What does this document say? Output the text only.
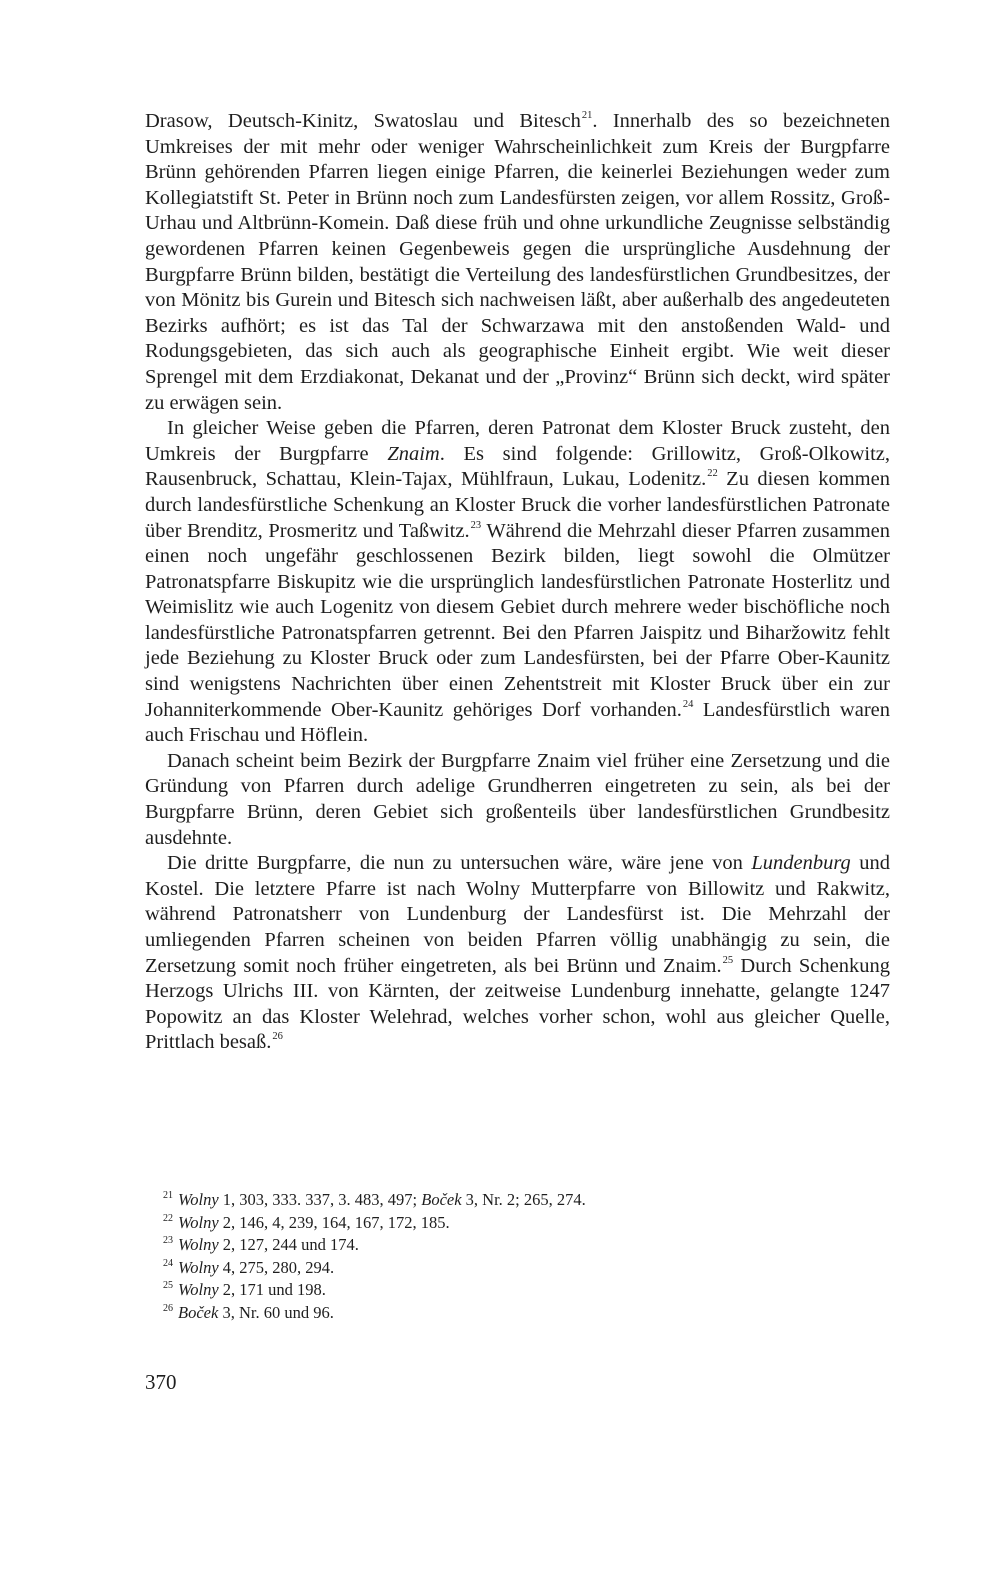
Drasow, Deutsch-Kinitz, Swatoslau und Bitesch$^{21}$. Innerhalb des so bezeichneten Umkreises der mit mehr oder weniger Wahrscheinlichkeit zum Kreis der Burgpfarre Brünn gehörenden Pfarren liegen einige Pfarren, die keinerlei Beziehungen weder zum Kollegiatstift St. Peter in Brünn noch zum Landesfürsten zeigen, vor allem Rossitz, Groß-Urhau und Altbrünn-Komein. Daß diese früh und ohne urkundliche Zeugnisse selbständig gewordenen Pfarren keinen Gegenbeweis gegen die ursprüngliche Ausdehnung der Burgpfarre Brünn bilden, bestätigt die Verteilung des landesfürstlichen Grundbesitzes, der von Mönitz bis Gurein und Bitesch sich nachweisen läßt, aber außerhalb des angedeuteten Bezirks aufhört; es ist das Tal der Schwarzawa mit den anstoßenden Wald- und Rodungsgebieten, das sich auch als geographische Einheit ergibt. Wie weit dieser Sprengel mit dem Erzdiakonat, Dekanat und der „Provinz“ Brünn sich deckt, wird später zu erwägen sein.

In gleicher Weise geben die Pfarren, deren Patronat dem Kloster Bruck zusteht, den Umkreis der Burgpfarre Znaim. Es sind folgende: Grillowitz, Groß-Olkowitz, Rausenbruck, Schattau, Klein-Tajax, Mühlfraun, Lukau, Lodenitz.$^{22}$ Zu diesen kommen durch landesfürstliche Schenkung an Kloster Bruck die vorher landesfürstlichen Patronate über Brenditz, Prosmeritz und Taßwitz.$^{23}$ Während die Mehrzahl dieser Pfarren zusammen einen noch ungefähr geschlossenen Bezirk bilden, liegt sowohl die Olmützer Patronatspfarre Biskupitz wie die ursprünglich landesfürstlichen Patronate Hosterlitz und Weimislitz wie auch Logenitz von diesem Gebiet durch mehrere weder bischöfliche noch landesfürstliche Patronatspfarren getrennt. Bei den Pfarren Jaispitz und Biharžowitz fehlt jede Beziehung zu Kloster Bruck oder zum Landesfürsten, bei der Pfarre Ober-Kaunitz sind wenigstens Nachrichten über einen Zehentstreit mit Kloster Bruck über ein zur Johanniterkommende Ober-Kaunitz gehöriges Dorf vorhanden.$^{24}$ Landesfürstlich waren auch Frischau und Höflein.

Danach scheint beim Bezirk der Burgpfarre Znaim viel früher eine Zersetzung und die Gründung von Pfarren durch adelige Grundherren eingetreten zu sein, als bei der Burgpfarre Brünn, deren Gebiet sich großenteils über landesfürstlichen Grundbesitz ausdehnte.

Die dritte Burgpfarre, die nun zu untersuchen wäre, wäre jene von Lundenburg und Kostel. Die letztere Pfarre ist nach Wolny Mutterpfarre von Billowitz und Rakwitz, während Patronatsherr von Lundenburg der Landesfürst ist. Die Mehrzahl der umliegenden Pfarren scheinen von beiden Pfarren völlig unabhängig zu sein, die Zersetzung somit noch früher eingetreten, als bei Brünn und Znaim.$^{25}$ Durch Schenkung Herzogs Ulrichs III. von Kärnten, der zeitweise Lundenburg innehatte, gelangte 1247 Popowitz an das Kloster Welehrad, welches vorher schon, wohl aus gleicher Quelle, Prittlach besaß.$^{26}$

$^{21}$ Wolny 1, 303, 333. 337, 3. 483, 497; Boček 3, Nr. 2; 265, 274.
$^{22}$ Wolny 2, 146, 4, 239, 164, 167, 172, 185.
$^{23}$ Wolny 2, 127, 244 und 174.
$^{24}$ Wolny 4, 275, 280, 294.
$^{25}$ Wolny 2, 171 und 198.
$^{26}$ Boček 3, Nr. 60 und 96.
370
